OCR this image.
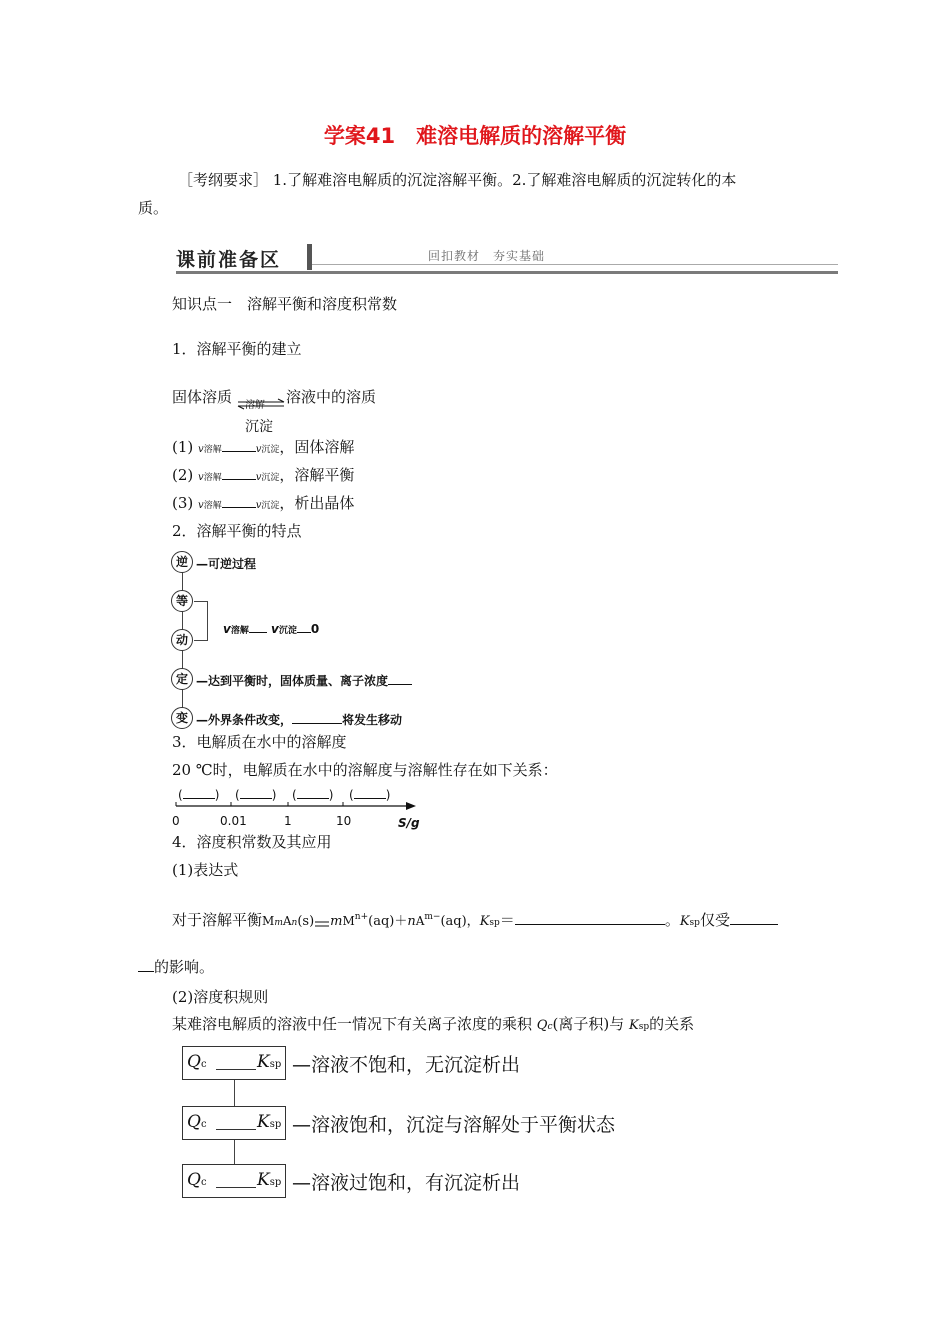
学案41　难溶电解质的溶解平衡
［考纲要求］ 1.了解难溶电解质的沉淀溶解平衡。2.了解难溶电解质的沉淀转化的本
质。
课前准备区	回扣教材　夯实基础
知识点一　溶解平衡和溶度积常数
1．溶解平衡的建立
固体溶质 溶解 ⇌ 溶液中的溶质
沉淀
(1) v溶解	v沉淀，固体溶解
(2) v溶解	v沉淀，溶解平衡
(3) v溶解	v沉淀，析出晶体
2．溶解平衡的特点
逆
等
动
定
变
—可逆过程
v溶解 v沉淀 0
—达到平衡时，固体质量、离子浓度
—外界条件改变，	将发生移动
3．电解质在水中的溶解度
20 ℃时，电解质在水中的溶解度与溶解性存在如下关系：
(	) (	) (	) (	)
0	0.01	1	10	S/g
4．溶度积常数及其应用
(1)表达式
对于溶解平衡MmAn(s) $mM^{n+}(aq)+nA^{m-}(aq)$，Ksp＝	。Ksp仅受
的影响。
(2)溶度积规则
某难溶电解质的溶液中任一情况下有关离子浓度的乘积 Qc(离子积)与 Ksp的关系
Qc	Ksp —溶液不饱和，无沉淀析出
Qc	Ksp —溶液饱和，沉淀与溶解处于平衡状态
Qc	Ksp —溶液过饱和，有沉淀析出
